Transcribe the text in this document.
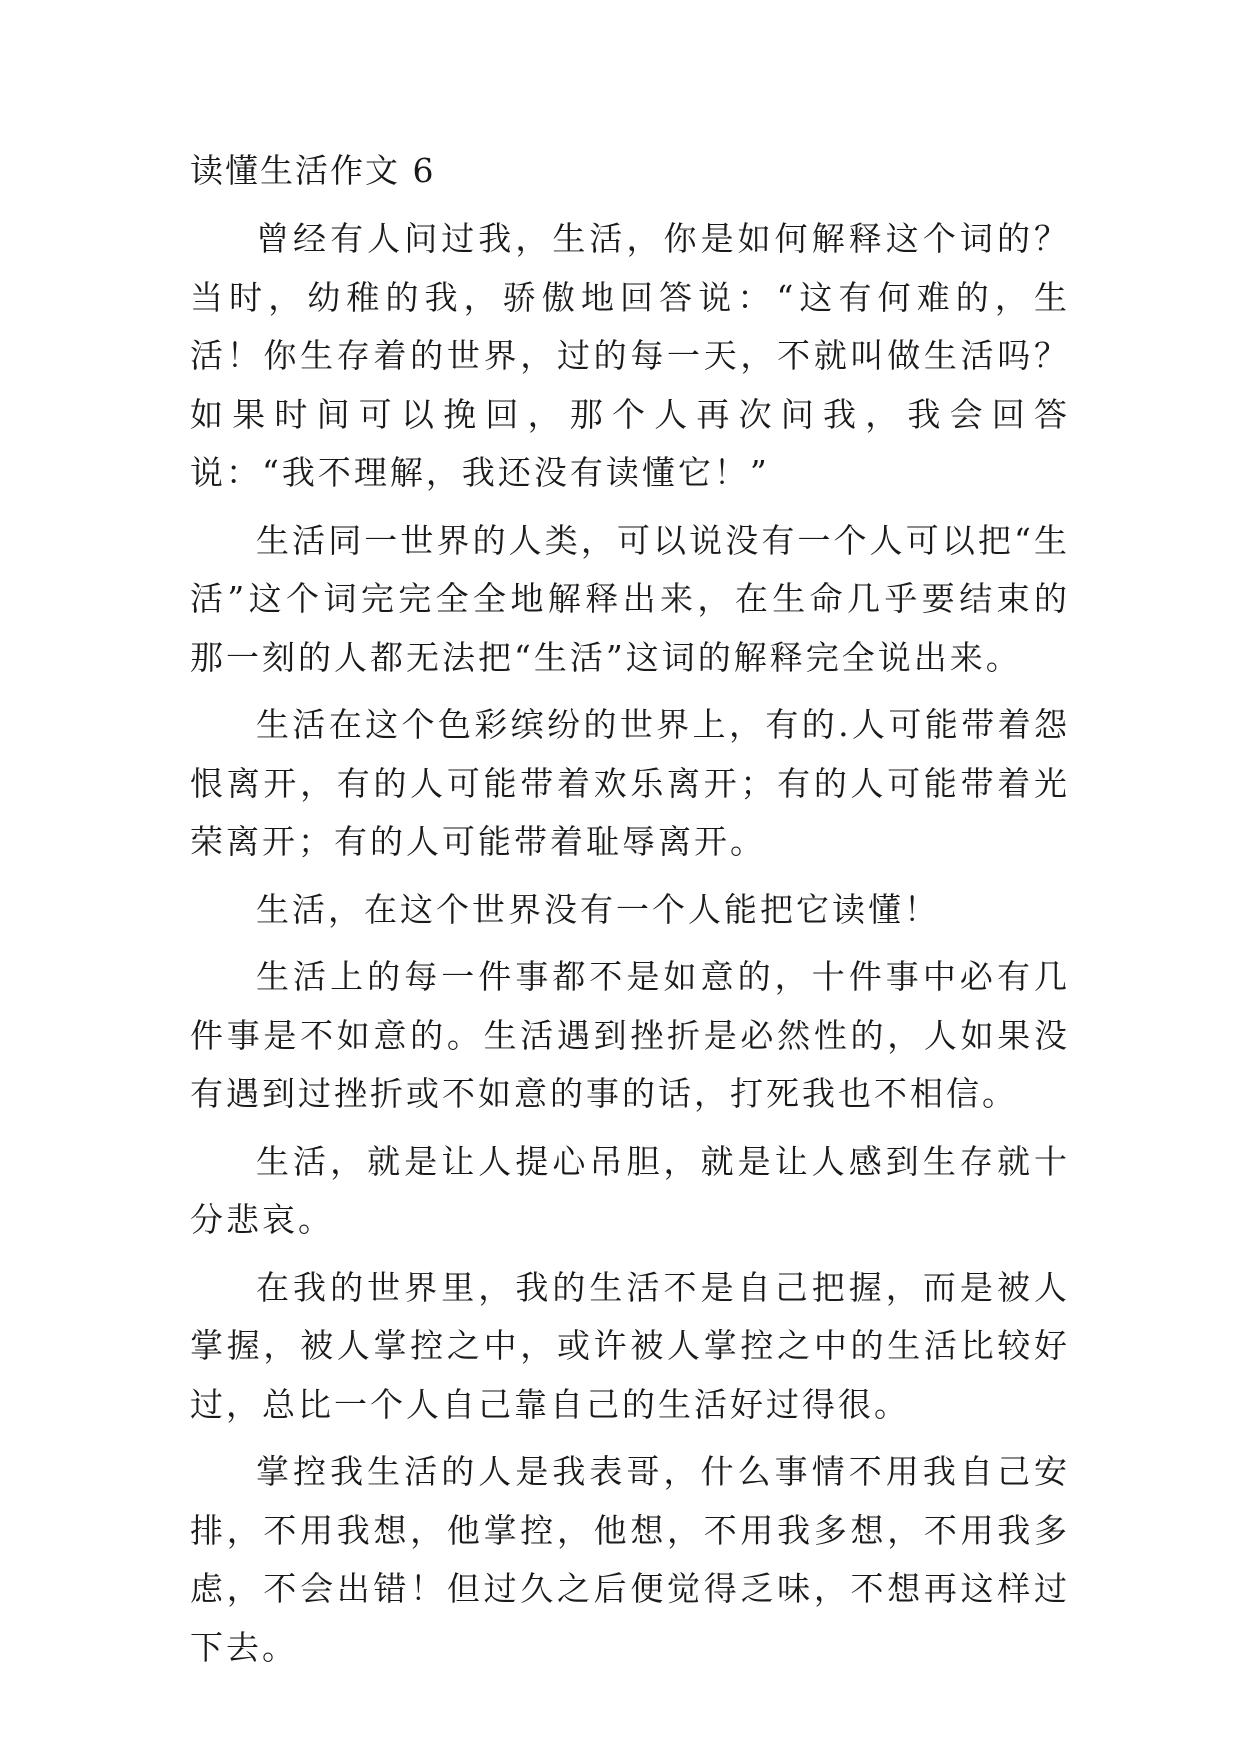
读懂生活作文 6

曾经有人问过我，生活，你是如何解释这个词的？当时，幼稚的我，骄傲地回答说：“这有何难的，生活！你生存着的世界，过的每一天，不就叫做生活吗？如果时间可以挽回，那个人再次问我，我会回答说：“我不理解，我还没有读懂它！”

生活同一世界的人类，可以说没有一个人可以把“生活”这个词完完全全地解释出来，在生命几乎要结束的那一刻的人都无法把“生活”这词的解释完全说出来。

生活在这个色彩缤纷的世界上，有的.人可能带着怨恨离开，有的人可能带着欢乐离开；有的人可能带着光荣离开；有的人可能带着耻辱离开。

生活，在这个世界没有一个人能把它读懂！

生活上的每一件事都不是如意的，十件事中必有几件事是不如意的。生活遇到挫折是必然性的，人如果没有遇到过挫折或不如意的事的话，打死我也不相信。

生活，就是让人提心吊胆，就是让人感到生存就十分悲哀。

在我的世界里，我的生活不是自己把握，而是被人掌握，被人掌控之中，或许被人掌控之中的生活比较好过，总比一个人自己靠自己的生活好过得很。

掌控我生活的人是我表哥，什么事情不用我自己安排，不用我想，他掌控，他想，不用我多想，不用我多虑，不会出错！但过久之后便觉得乏味，不想再这样过下去。
